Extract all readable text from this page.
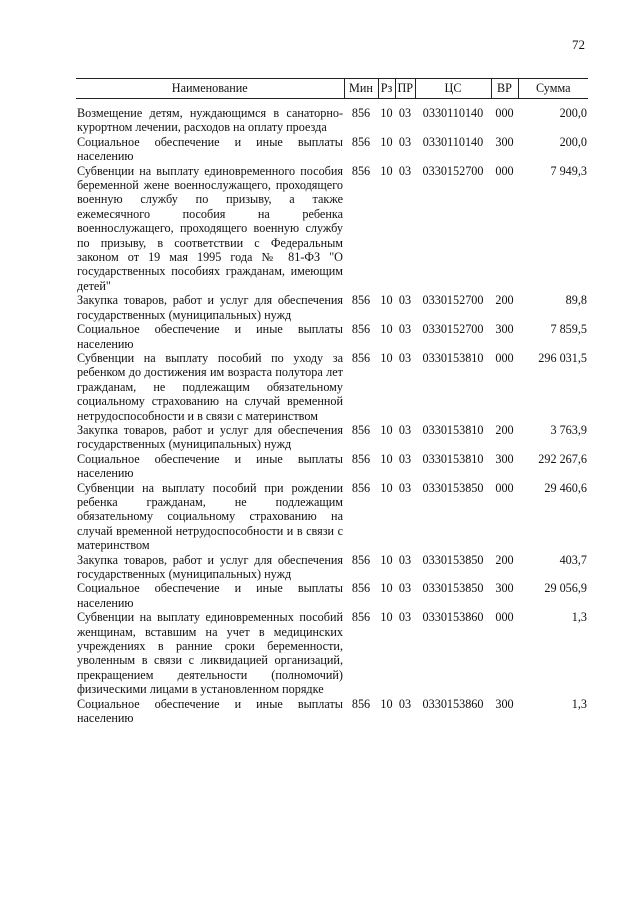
72
Наименование	Мин	Рз	ПР	ЦС	ВР	Сумма
Возмещение детям, нуждающимся в санаторно-курортном лечении, расходов на оплату проезда	856	10	03	0330110140	000	200,0
Социальное обеспечение и иные выплаты населению	856	10	03	0330110140	300	200,0
Субвенции на выплату единовременного пособия беременной жене военнослужащего, проходящего военную службу по призыву, а также ежемесячного пособия на ребенка военнослужащего, проходящего военную службу по призыву, в соответствии с Федеральным законом от 19 мая 1995 года № 81-ФЗ "О государственных пособиях гражданам, имеющим детей"	856	10	03	0330152700	000	7 949,3
Закупка товаров, работ и услуг для обеспечения государственных (муниципальных) нужд	856	10	03	0330152700	200	89,8
Социальное обеспечение и иные выплаты населению	856	10	03	0330152700	300	7 859,5
Субвенции на выплату пособий по уходу за ребенком до достижения им возраста полутора лет гражданам, не подлежащим обязательному социальному страхованию на случай временной нетрудоспособности и в связи с материнством	856	10	03	0330153810	000	296 031,5
Закупка товаров, работ и услуг для обеспечения государственных (муниципальных) нужд	856	10	03	0330153810	200	3 763,9
Социальное обеспечение и иные выплаты населению	856	10	03	0330153810	300	292 267,6
Субвенции на выплату пособий при рождении ребенка гражданам, не подлежащим обязательному социальному страхованию на случай временной нетрудоспособности и в связи с материнством	856	10	03	0330153850	000	29 460,6
Закупка товаров, работ и услуг для обеспечения государственных (муниципальных) нужд	856	10	03	0330153850	200	403,7
Социальное обеспечение и иные выплаты населению	856	10	03	0330153850	300	29 056,9
Субвенции на выплату единовременных пособий женщинам, вставшим на учет в медицинских учреждениях в ранние сроки беременности, уволенным в связи с ликвидацией организаций, прекращением деятельности (полномочий) физическими лицами в установленном порядке	856	10	03	0330153860	000	1,3
Социальное обеспечение и иные выплаты населению	856	10	03	0330153860	300	1,3
